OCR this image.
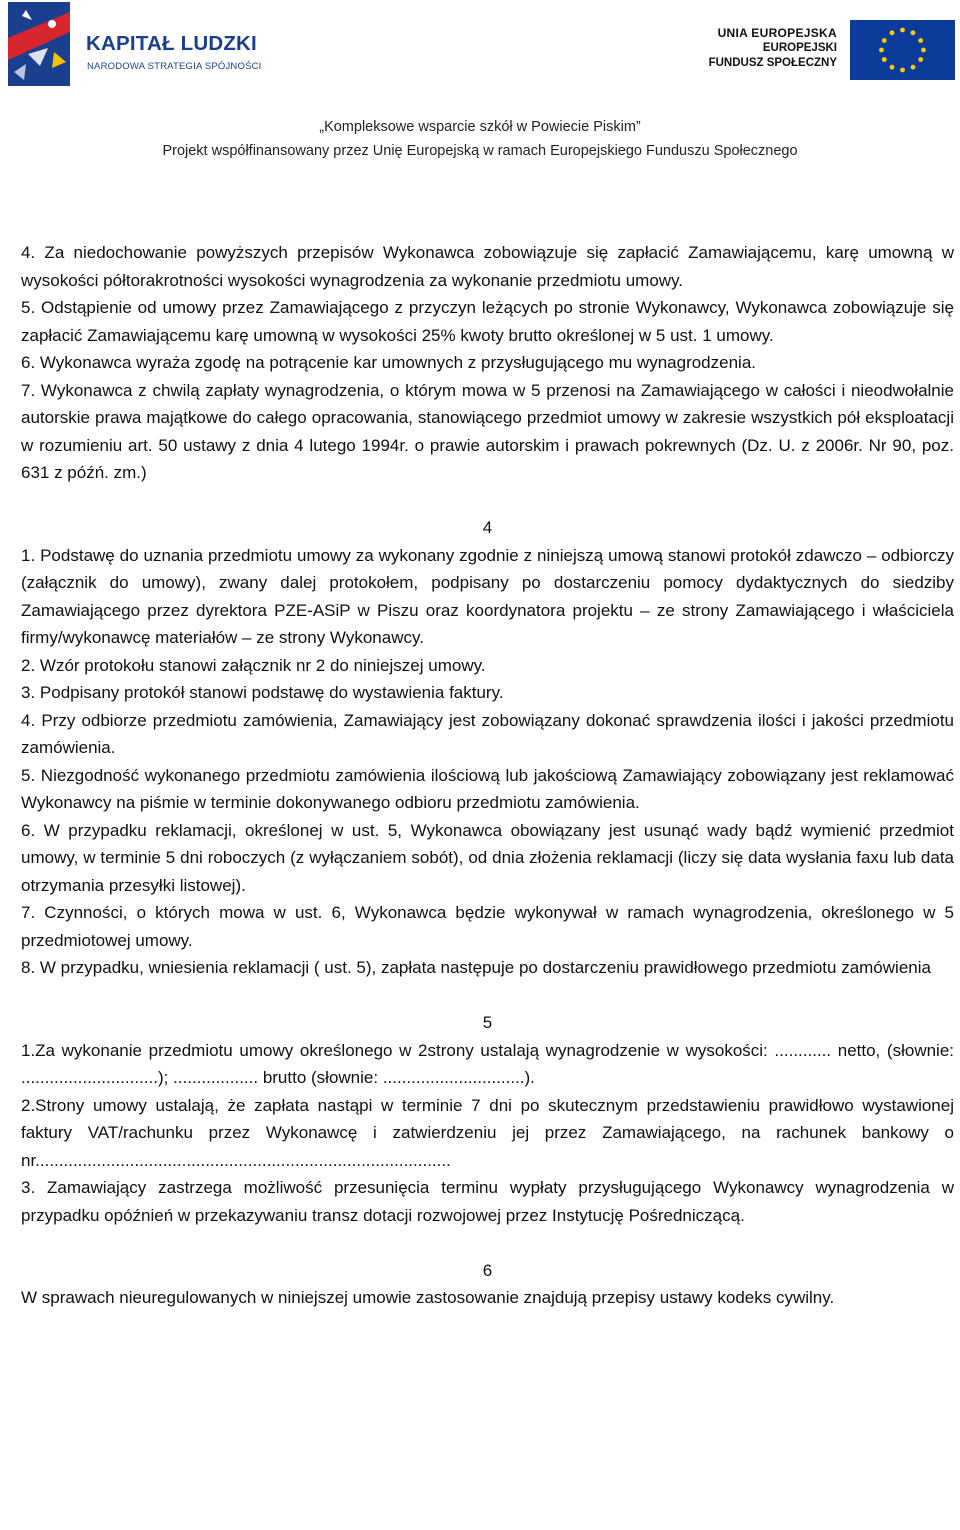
KAPITAŁ LUDZKI
NARODOWA STRATEGIA SPÓJNOŚCI
UNIA EUROPEJSKA
EUROPEJSKI
FUNDUSZ SPOŁECZNY
„Kompleksowe wsparcie szkół w Powiecie Piskim”
Projekt współfinansowany przez Unię Europejską w ramach Europejskiego Funduszu Społecznego

4. Za niedochowanie powyższych przepisów Wykonawca zobowiązuje się zapłacić Zamawiającemu, karę umowną w wysokości półtorakrotności wysokości wynagrodzenia za wykonanie przedmiotu umowy.

5. Odstąpienie od umowy przez Zamawiającego z przyczyn leżących po stronie Wykonawcy, Wykonawca zobowiązuje się zapłacić Zamawiającemu karę umowną w wysokości 25% kwoty brutto określonej w 5 ust. 1 umowy.

6. Wykonawca wyraża zgodę na potrącenie kar umownych z przysługującego mu wynagrodzenia.

7. Wykonawca z chwilą zapłaty wynagrodzenia, o którym mowa w 5 przenosi na Zamawiającego w całości i nieodwołalnie autorskie prawa majątkowe do całego opracowania, stanowiącego przedmiot umowy w zakresie wszystkich pół eksploatacji w rozumieniu art. 50 ustawy z dnia 4 lutego 1994r. o prawie autorskim i prawach pokrewnych (Dz. U. z 2006r. Nr 90, poz. 631 z późń. zm.)

4

1. Podstawę do uznania przedmiotu umowy za wykonany zgodnie z niniejszą umową stanowi protokół zdawczo – odbiorczy (załącznik do umowy), zwany dalej protokołem, podpisany po dostarczeniu pomocy dydaktycznych do siedziby Zamawiającego przez dyrektora PZE-ASiP w Piszu oraz koordynatora projektu – ze strony Zamawiającego i właściciela firmy/wykonawcę materiałów – ze strony Wykonawcy.

2. Wzór protokołu stanowi załącznik nr 2 do niniejszej umowy.

3. Podpisany protokół stanowi podstawę do wystawienia faktury.

4. Przy odbiorze przedmiotu zamówienia, Zamawiający jest zobowiązany dokonać sprawdzenia ilości i jakości przedmiotu zamówienia.

5. Niezgodność wykonanego przedmiotu zamówienia ilościową lub jakościową Zamawiający zobowiązany jest reklamować Wykonawcy na piśmie w terminie dokonywanego odbioru przedmiotu zamówienia.

6. W przypadku reklamacji, określonej w ust. 5, Wykonawca obowiązany jest usunąć wady bądź wymienić przedmiot umowy, w terminie 5 dni roboczych (z wyłączaniem sobót), od dnia złożenia reklamacji (liczy się data wysłania faxu lub data otrzymania przesyłki listowej).

7. Czynności, o których mowa w ust. 6, Wykonawca będzie wykonywał w ramach wynagrodzenia, określonego w 5 przedmiotowej umowy.

8. W przypadku, wniesienia reklamacji ( ust. 5), zapłata następuje po dostarczeniu prawidłowego przedmiotu zamówienia

5

1.Za wykonanie przedmiotu umowy określonego w 2strony ustalają wynagrodzenie w wysokości: ............ netto, (słownie: .............................); .................. brutto (słownie: ..............................).

2.Strony umowy ustalają, że zapłata nastąpi w terminie 7 dni po skutecznym przedstawieniu prawidłowo wystawionej faktury VAT/rachunku przez Wykonawcę i zatwierdzeniu jej przez Zamawiającego, na rachunek bankowy o nr........................................................................................

3. Zamawiający zastrzega możliwość przesunięcia terminu wypłaty przysługującego Wykonawcy wynagrodzenia w przypadku opóźnień w przekazywaniu transz dotacji rozwojowej przez Instytucję Pośredniczącą.

6

W sprawach nieuregulowanych w niniejszej umowie zastosowanie znajdują przepisy ustawy kodeks cywilny.
